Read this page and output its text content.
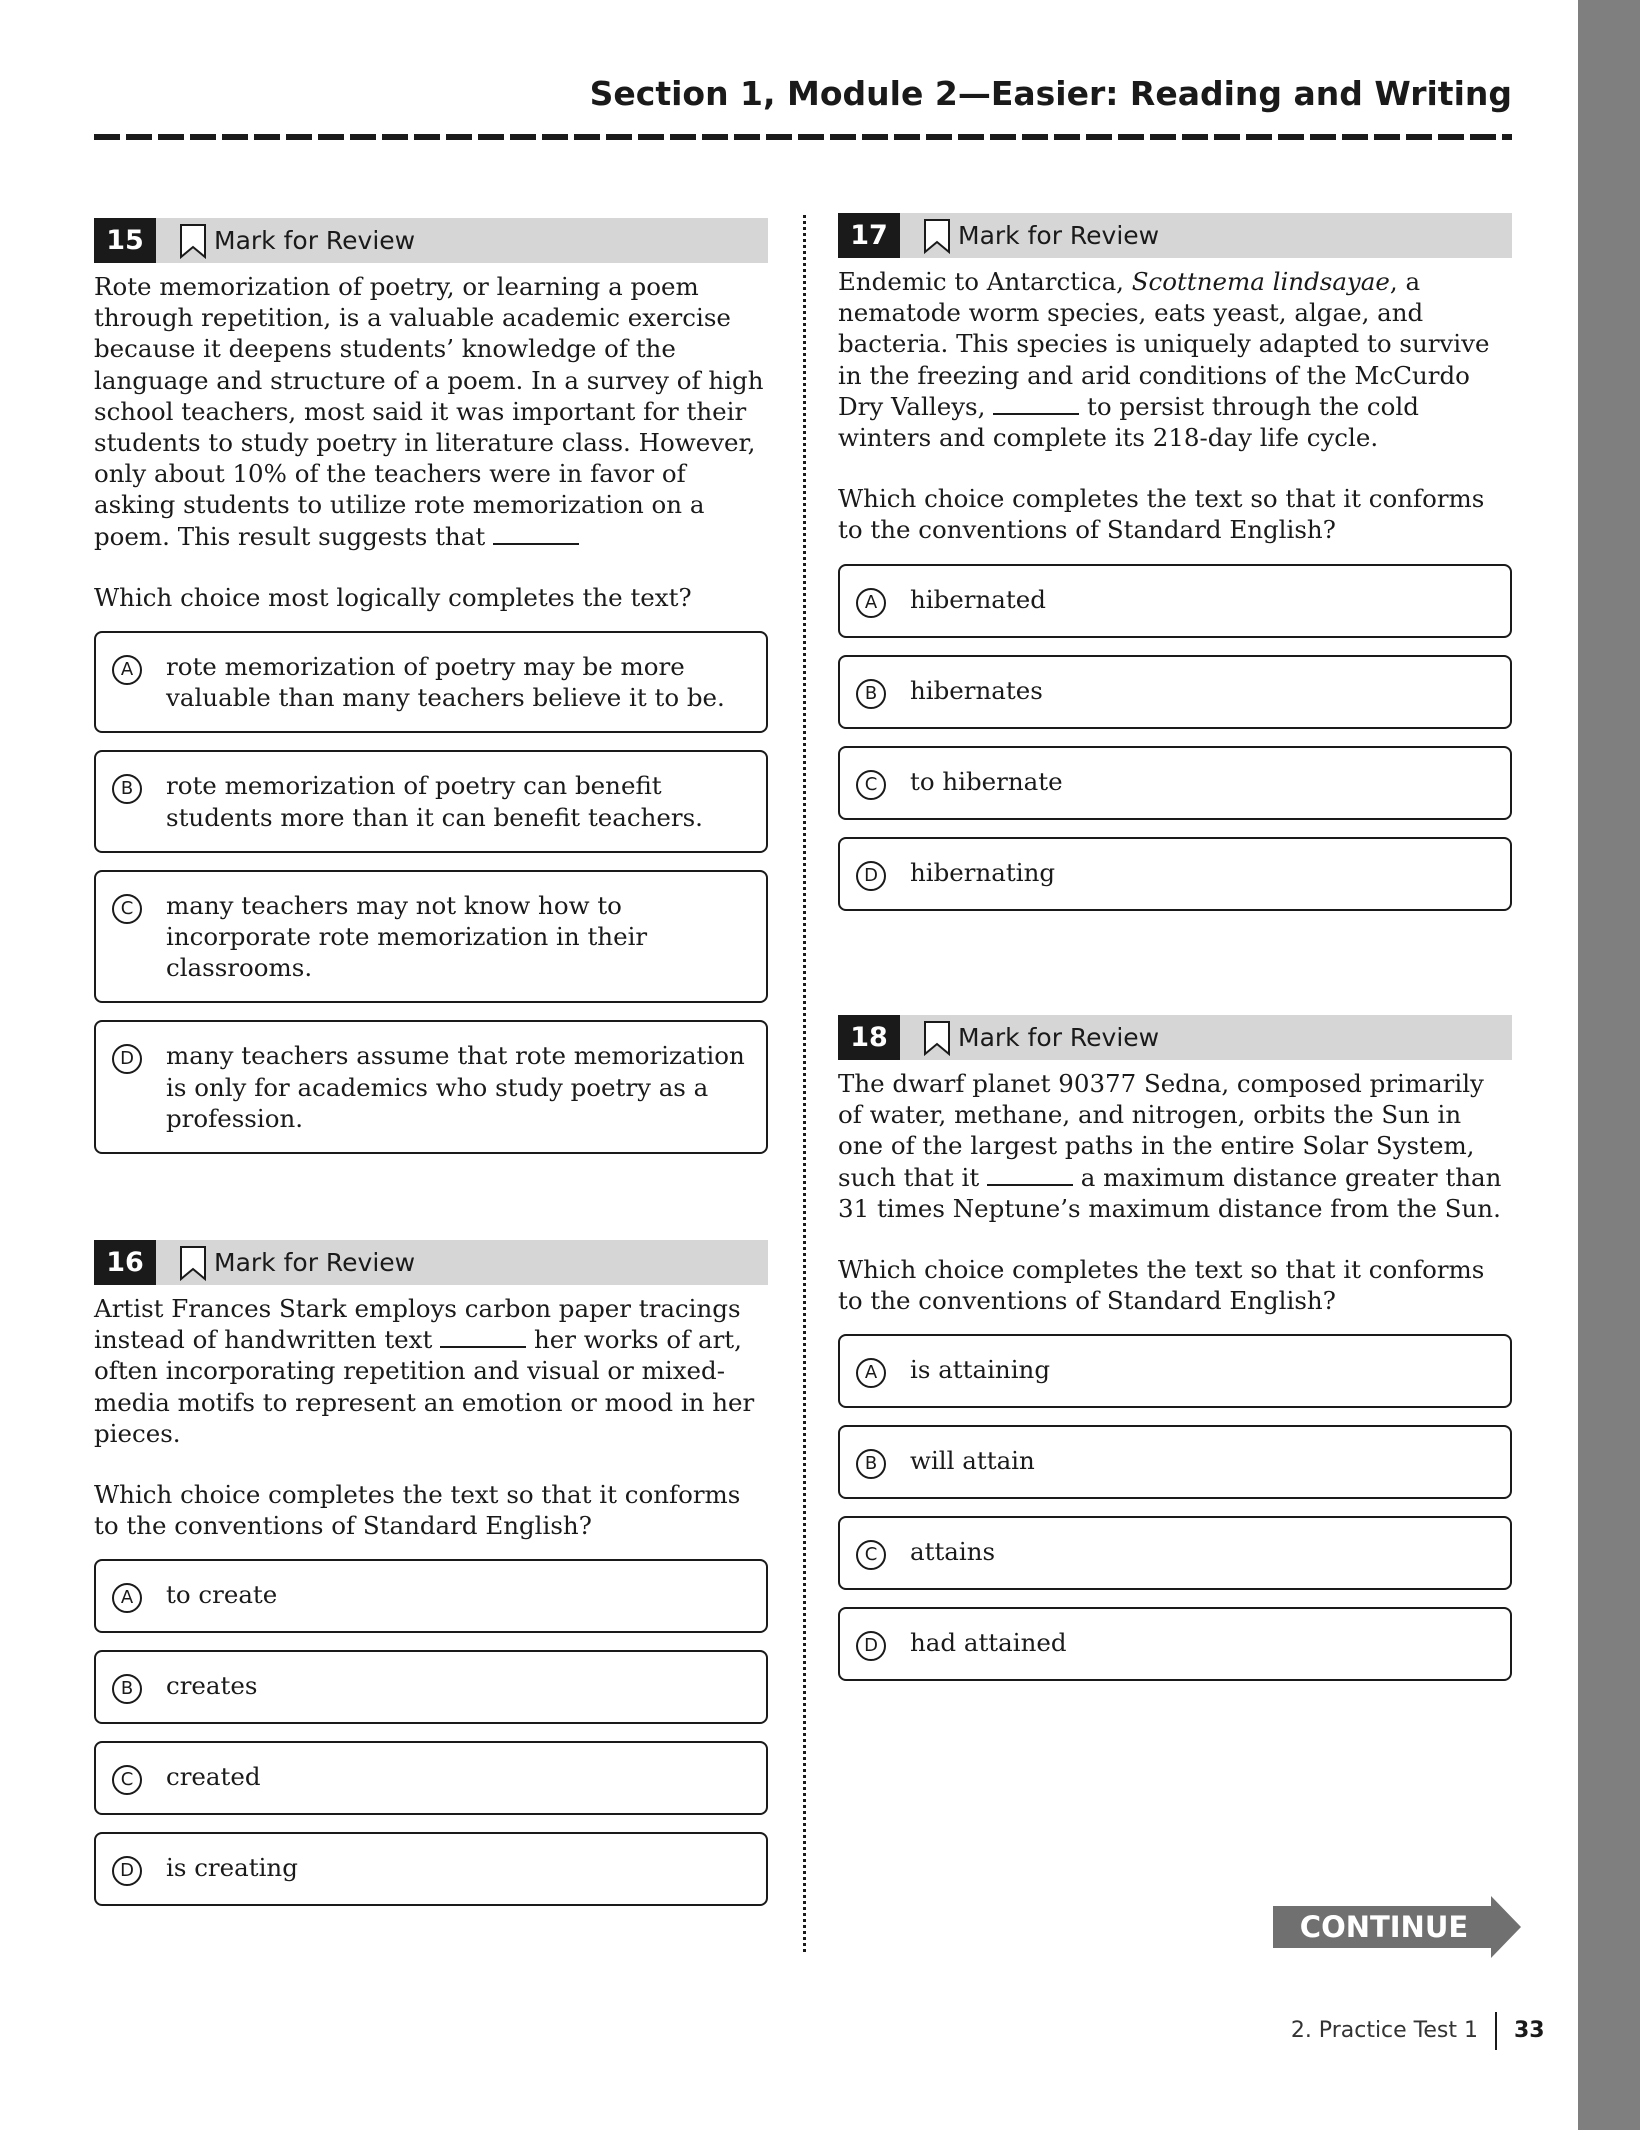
Section 1, Module 2—Easier: Reading and Writing
15	Mark for Review

Rote memorization of poetry, or learning a poem through repetition, is a valuable academic exercise because it deepens students’ knowledge of the language and structure of a poem. In a survey of high school teachers, most said it was important for their students to study poetry in literature class. However, only about 10% of the teachers were in favor of asking students to utilize rote memorization on a poem. This result suggests that

Which choice most logically completes the text?

A	rote memorization of poetry may be more valuable than many teachers believe it to be.
B	rote memorization of poetry can benefit students more than it can benefit teachers.
C	many teachers may not know how to incorporate rote memorization in their classrooms.
D	many teachers assume that rote memorization is only for academics who study poetry as a profession.
16	Mark for Review

Artist Frances Stark employs carbon paper tracings instead of handwritten text	her works of art, often incorporating repetition and visual or mixed-media motifs to represent an emotion or mood in her pieces.

Which choice completes the text so that it conforms to the conventions of Standard English?

A	to create
B	creates
C	created
D	is creating
17	Mark for Review

Endemic to Antarctica, Scottnema lindsayae, a nematode worm species, eats yeast, algae, and bacteria. This species is uniquely adapted to survive in the freezing and arid conditions of the McCurdo Dry Valleys,	to persist through the cold winters and complete its 218-day life cycle.

Which choice completes the text so that it conforms to the conventions of Standard English?

A	hibernated
B	hibernates
C	to hibernate
D	hibernating
18	Mark for Review

The dwarf planet 90377 Sedna, composed primarily of water, methane, and nitrogen, orbits the Sun in one of the largest paths in the entire Solar System, such that it	a maximum distance greater than 31 times Neptune’s maximum distance from the Sun.

Which choice completes the text so that it conforms to the conventions of Standard English?

A	is attaining
B	will attain
C	attains
D	had attained
CONTINUE
2. Practice Test 1 33
